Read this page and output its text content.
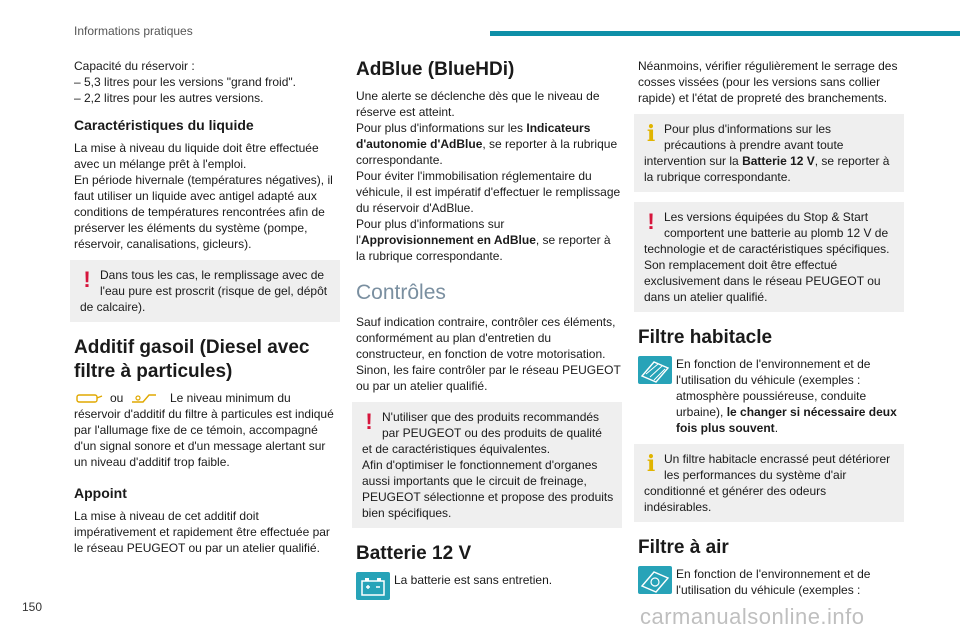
Informations pratiques

Capacité du réservoir :
– 5,3 litres pour les versions "grand froid".
– 2,2 litres pour les autres versions.

Caractéristiques du liquide

La mise à niveau du liquide doit être effectuée avec un mélange prêt à l'emploi.
En période hivernale (températures négatives), il faut utiliser un liquide avec antigel adapté aux conditions de températures rencontrées afin de préserver les éléments du système (pompe, réservoir, canalisations, gicleurs).

! Dans tous les cas, le remplissage avec de l'eau pure est proscrit (risque de gel, dépôt de calcaire).
Additif gasoil (Diesel avec filtre à particules)
ou	Le niveau minimum du réservoir d'additif du filtre à particules est indiqué par l'allumage fixe de ce témoin, accompagné d'un signal sonore et d'un message alertant sur un niveau d'additif trop faible.

Appoint

La mise à niveau de cet additif doit impérativement et rapidement être effectuée par le réseau PEUGEOT ou par un atelier qualifié.

AdBlue (BlueHDi)

Une alerte se déclenche dès que le niveau de réserve est atteint.

Pour plus d'informations sur les Indicateurs d'autonomie d'AdBlue, se reporter à la rubrique correspondante.

Pour éviter l'immobilisation réglementaire du véhicule, il est impératif d'effectuer le remplissage du réservoir d'AdBlue.

Pour plus d'informations sur l'Approvisionnement en AdBlue, se reporter à la rubrique correspondante.

Contrôles

Sauf indication contraire, contrôler ces éléments, conformément au plan d'entretien du constructeur, en fonction de votre motorisation.
Sinon, les faire contrôler par le réseau PEUGEOT ou par un atelier qualifié.

! N'utiliser que des produits recommandés par PEUGEOT ou des produits de qualité et de caractéristiques équivalentes.
Afin d'optimiser le fonctionnement d'organes aussi importants que le circuit de freinage, PEUGEOT sélectionne et propose des produits bien spécifiques.
Batterie 12 V
La batterie est sans entretien.

Néanmoins, vérifier régulièrement le serrage des cosses vissées (pour les versions sans collier rapide) et l'état de propreté des branchements.

i Pour plus d'informations sur les précautions à prendre avant toute intervention sur la Batterie 12 V, se reporter à la rubrique correspondante.
! Les versions équipées du Stop & Start comportent une batterie au plomb 12 V de technologie et de caractéristiques spécifiques.
Son remplacement doit être effectué exclusivement dans le réseau PEUGEOT ou dans un atelier qualifié.
Filtre habitacle
En fonction de l'environnement et de l'utilisation du véhicule (exemples : atmosphère poussiéreuse, conduite urbaine), le changer si nécessaire deux fois plus souvent.
i Un filtre habitacle encrassé peut détériorer les performances du système d'air conditionné et générer des odeurs indésirables.
Filtre à air
En fonction de l'environnement et de l'utilisation du véhicule (exemples :
150	carmanualsonline.info
